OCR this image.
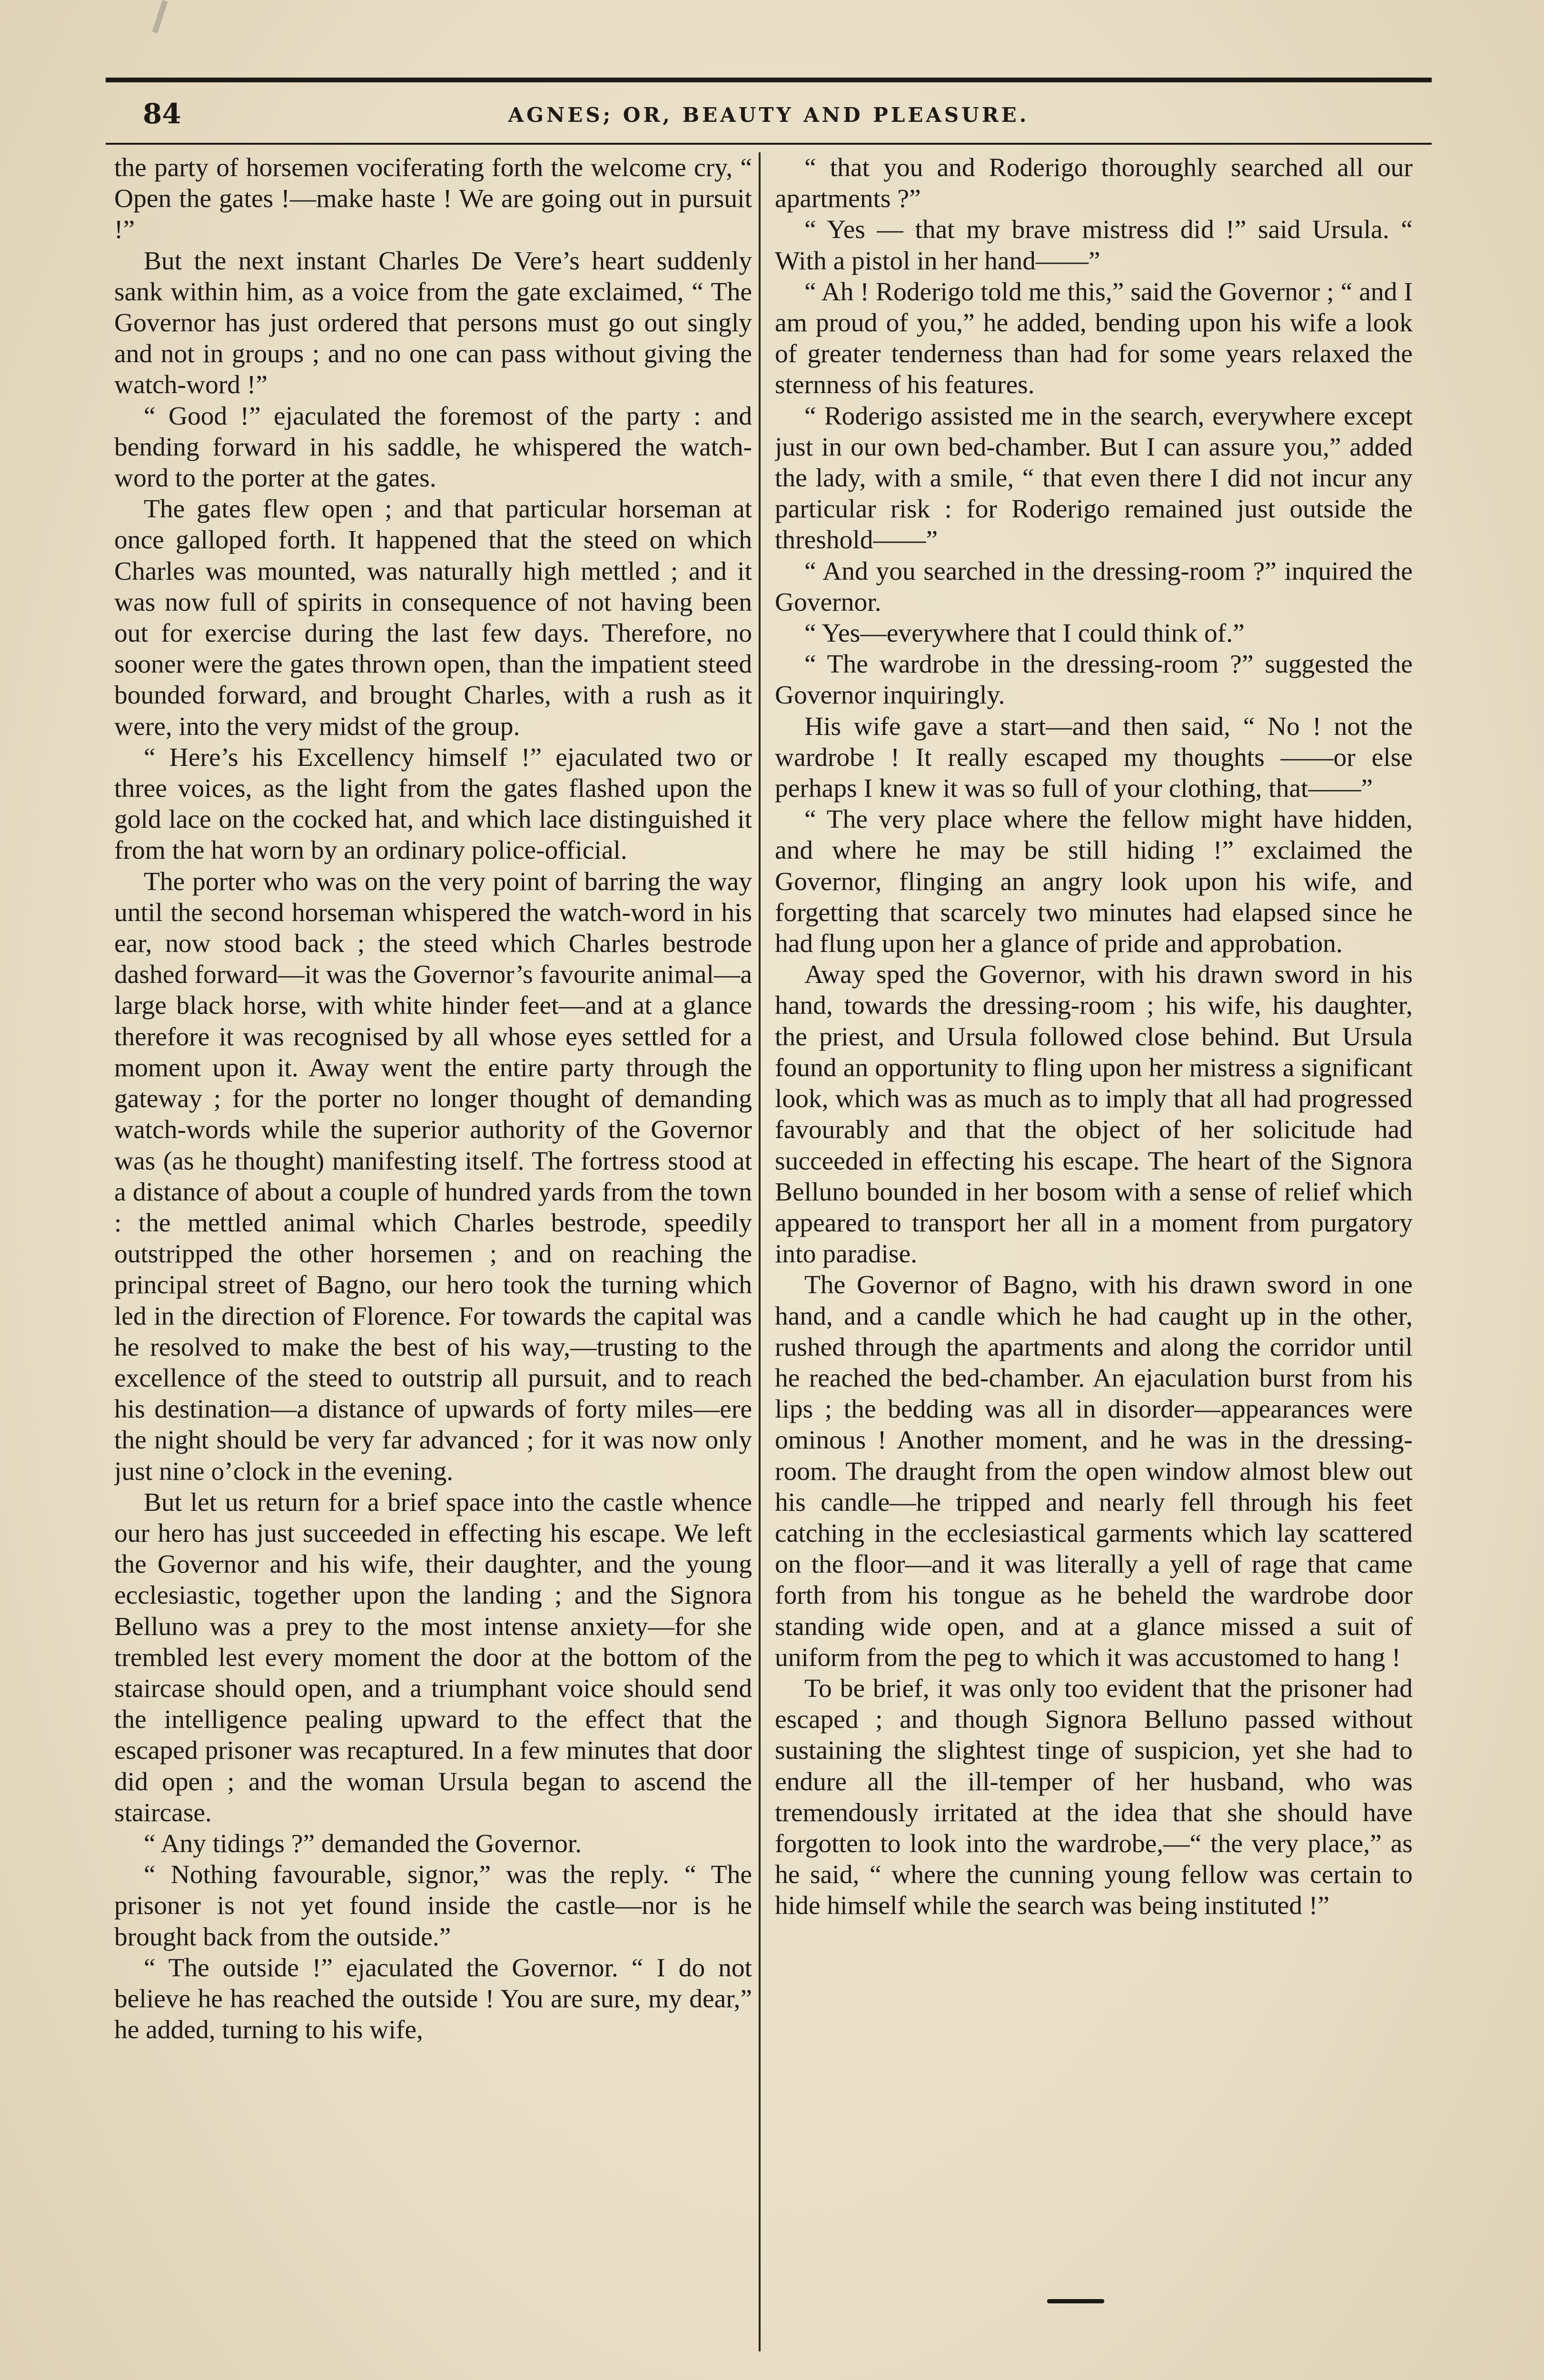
84	AGNES; OR, BEAUTY AND PLEASURE.

the party of horsemen vociferating forth the welcome cry, “ Open the gates !—make haste ! We are going out in pursuit !”

But the next instant Charles De Vere’s heart suddenly sank within him, as a voice from the gate exclaimed, “ The Governor has just ordered that persons must go out singly and not in groups ; and no one can pass without giving the watch-word !”

“ Good !” ejaculated the foremost of the party : and bending forward in his saddle, he whispered the watch-word to the porter at the gates.

The gates flew open ; and that particular horseman at once galloped forth. It happened that the steed on which Charles was mounted, was naturally high mettled ; and it was now full of spirits in consequence of not having been out for exercise during the last few days. Therefore, no sooner were the gates thrown open, than the impatient steed bounded forward, and brought Charles, with a rush as it were, into the very midst of the group.

“ Here’s his Excellency himself !” ejaculated two or three voices, as the light from the gates flashed upon the gold lace on the cocked hat, and which lace distinguished it from the hat worn by an ordinary police-official.

The porter who was on the very point of barring the way until the second horseman whispered the watch-word in his ear, now stood back ; the steed which Charles bestrode dashed forward—it was the Governor’s favourite animal—a large black horse, with white hinder feet—and at a glance therefore it was recognised by all whose eyes settled for a moment upon it. Away went the entire party through the gateway ; for the porter no longer thought of demanding watch-words while the superior authority of the Governor was (as he thought) manifesting itself. The fortress stood at a distance of about a couple of hundred yards from the town : the mettled animal which Charles bestrode, speedily outstripped the other horsemen ; and on reaching the principal street of Bagno, our hero took the turning which led in the direction of Florence. For towards the capital was he resolved to make the best of his way,—trusting to the excellence of the steed to outstrip all pursuit, and to reach his destination—a distance of upwards of forty miles—ere the night should be very far advanced ; for it was now only just nine o’clock in the evening.

But let us return for a brief space into the castle whence our hero has just succeeded in effecting his escape. We left the Governor and his wife, their daughter, and the young ecclesiastic, together upon the landing ; and the Signora Belluno was a prey to the most intense anxiety—for she trembled lest every moment the door at the bottom of the staircase should open, and a triumphant voice should send the intelligence pealing upward to the effect that the escaped prisoner was recaptured. In a few minutes that door did open ; and the woman Ursula began to ascend the staircase.

“ Any tidings ?” demanded the Governor.

“ Nothing favourable, signor,” was the reply. “ The prisoner is not yet found inside the castle—nor is he brought back from the outside.”

“ The outside !” ejaculated the Governor. “ I do not believe he has reached the outside ! You are sure, my dear,” he added, turning to his wife,

“ that you and Roderigo thoroughly searched all our apartments ?”

“ Yes — that my brave mistress did !” said Ursula. “ With a pistol in her hand——”

“ Ah ! Roderigo told me this,” said the Governor ; “ and I am proud of you,” he added, bending upon his wife a look of greater tenderness than had for some years relaxed the sternness of his features.

“ Roderigo assisted me in the search, everywhere except just in our own bed-chamber. But I can assure you,” added the lady, with a smile, “ that even there I did not incur any particular risk : for Roderigo remained just outside the threshold——”

“ And you searched in the dressing-room ?” inquired the Governor.

“ Yes—everywhere that I could think of.”

“ The wardrobe in the dressing-room ?” suggested the Governor inquiringly.

His wife gave a start—and then said, “ No ! not the wardrobe ! It really escaped my thoughts ——or else perhaps I knew it was so full of your clothing, that——”

“ The very place where the fellow might have hidden, and where he may be still hiding !” exclaimed the Governor, flinging an angry look upon his wife, and forgetting that scarcely two minutes had elapsed since he had flung upon her a glance of pride and approbation.

Away sped the Governor, with his drawn sword in his hand, towards the dressing-room ; his wife, his daughter, the priest, and Ursula followed close behind. But Ursula found an opportunity to fling upon her mistress a significant look, which was as much as to imply that all had progressed favourably and that the object of her solicitude had succeeded in effecting his escape. The heart of the Signora Belluno bounded in her bosom with a sense of relief which appeared to transport her all in a moment from purgatory into paradise.

The Governor of Bagno, with his drawn sword in one hand, and a candle which he had caught up in the other, rushed through the apartments and along the corridor until he reached the bed-chamber. An ejaculation burst from his lips ; the bedding was all in disorder—appearances were ominous ! Another moment, and he was in the dressing-room. The draught from the open window almost blew out his candle—he tripped and nearly fell through his feet catching in the ecclesiastical garments which lay scattered on the floor—and it was literally a yell of rage that came forth from his tongue as he beheld the wardrobe door standing wide open, and at a glance missed a suit of uniform from the peg to which it was accustomed to hang !

To be brief, it was only too evident that the prisoner had escaped ; and though Signora Belluno passed without sustaining the slightest tinge of suspicion, yet she had to endure all the ill-temper of her husband, who was tremendously irritated at the idea that she should have forgotten to look into the wardrobe,—“ the very place,” as he said, “ where the cunning young fellow was certain to hide himself while the search was being instituted !”
